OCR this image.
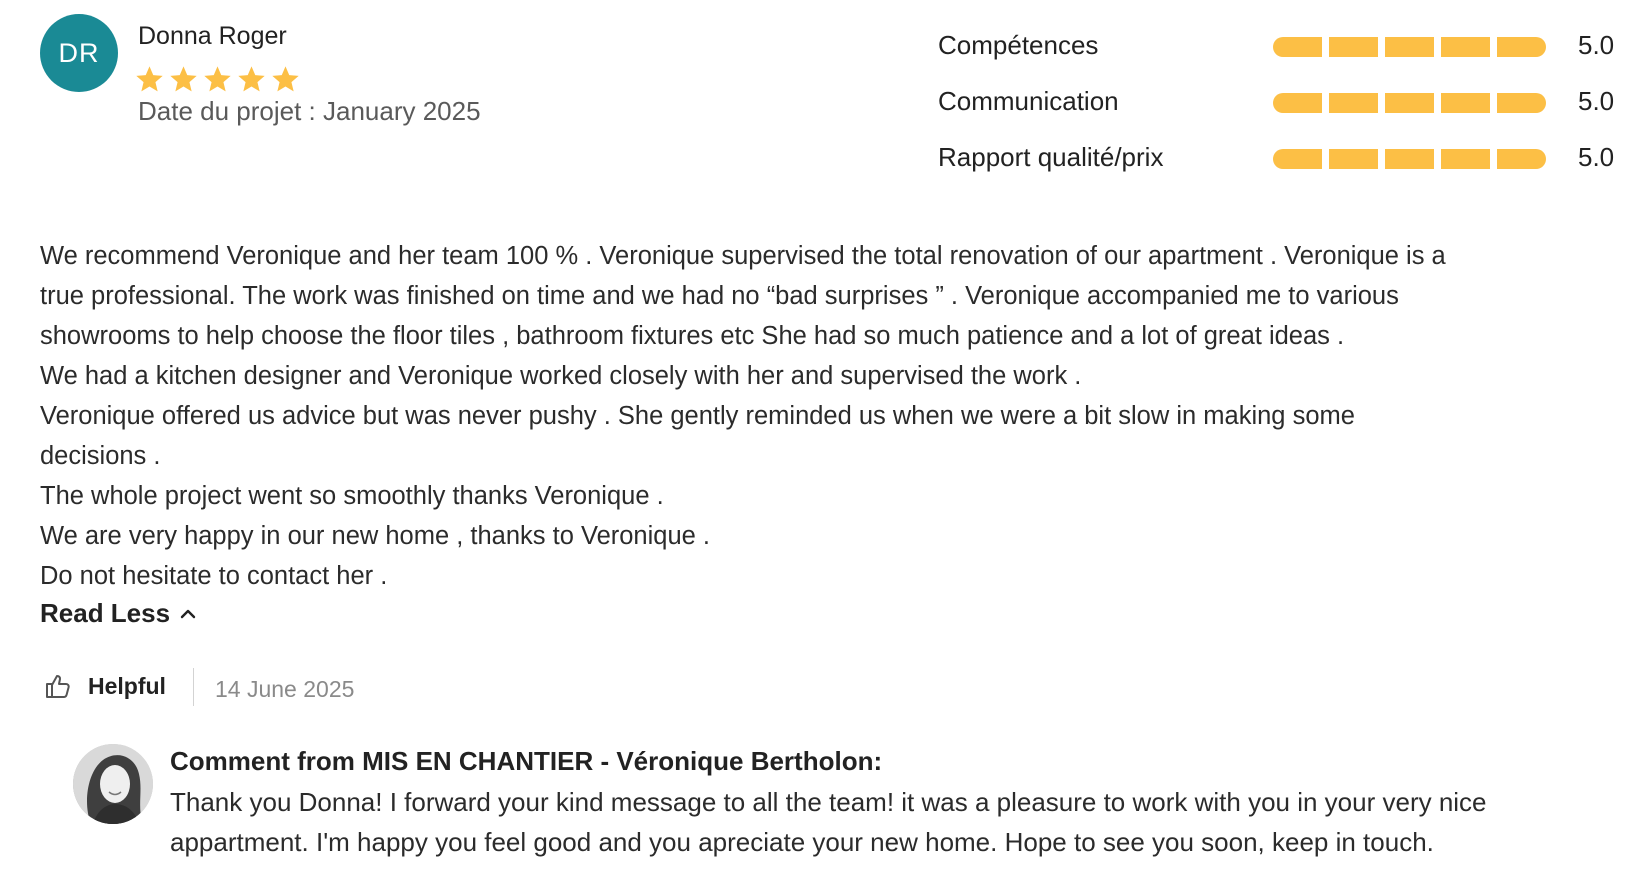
DR
Donna Roger
Date du projet : January 2025
Compétences	5.0
Communication	5.0
Rapport qualité/prix	5.0

We recommend Veronique and her team 100 % . Veronique supervised the total renovation of our apartment . Veronique is a

true professional. The work was finished on time and we had no “bad surprises ” . Veronique accompanied me to various

showrooms to help choose the floor tiles , bathroom fixtures etc She had so much patience and a lot of great ideas .

We had a kitchen designer and Veronique worked closely with her and supervised the work .

Veronique offered us advice but was never pushy . She gently reminded us when we were a bit slow in making some

decisions .

The whole project went so smoothly thanks Veronique .

We are very happy in our new home , thanks to Veronique .

Do not hesitate to contact her .

Read Less
Helpful 14 June 2025
Comment from MIS EN CHANTIER - Véronique Bertholon:

Thank you Donna! I forward your kind message to all the team! it was a pleasure to work with you in your very nice

appartment. I'm happy you feel good and you apreciate your new home. Hope to see you soon, keep in touch.
